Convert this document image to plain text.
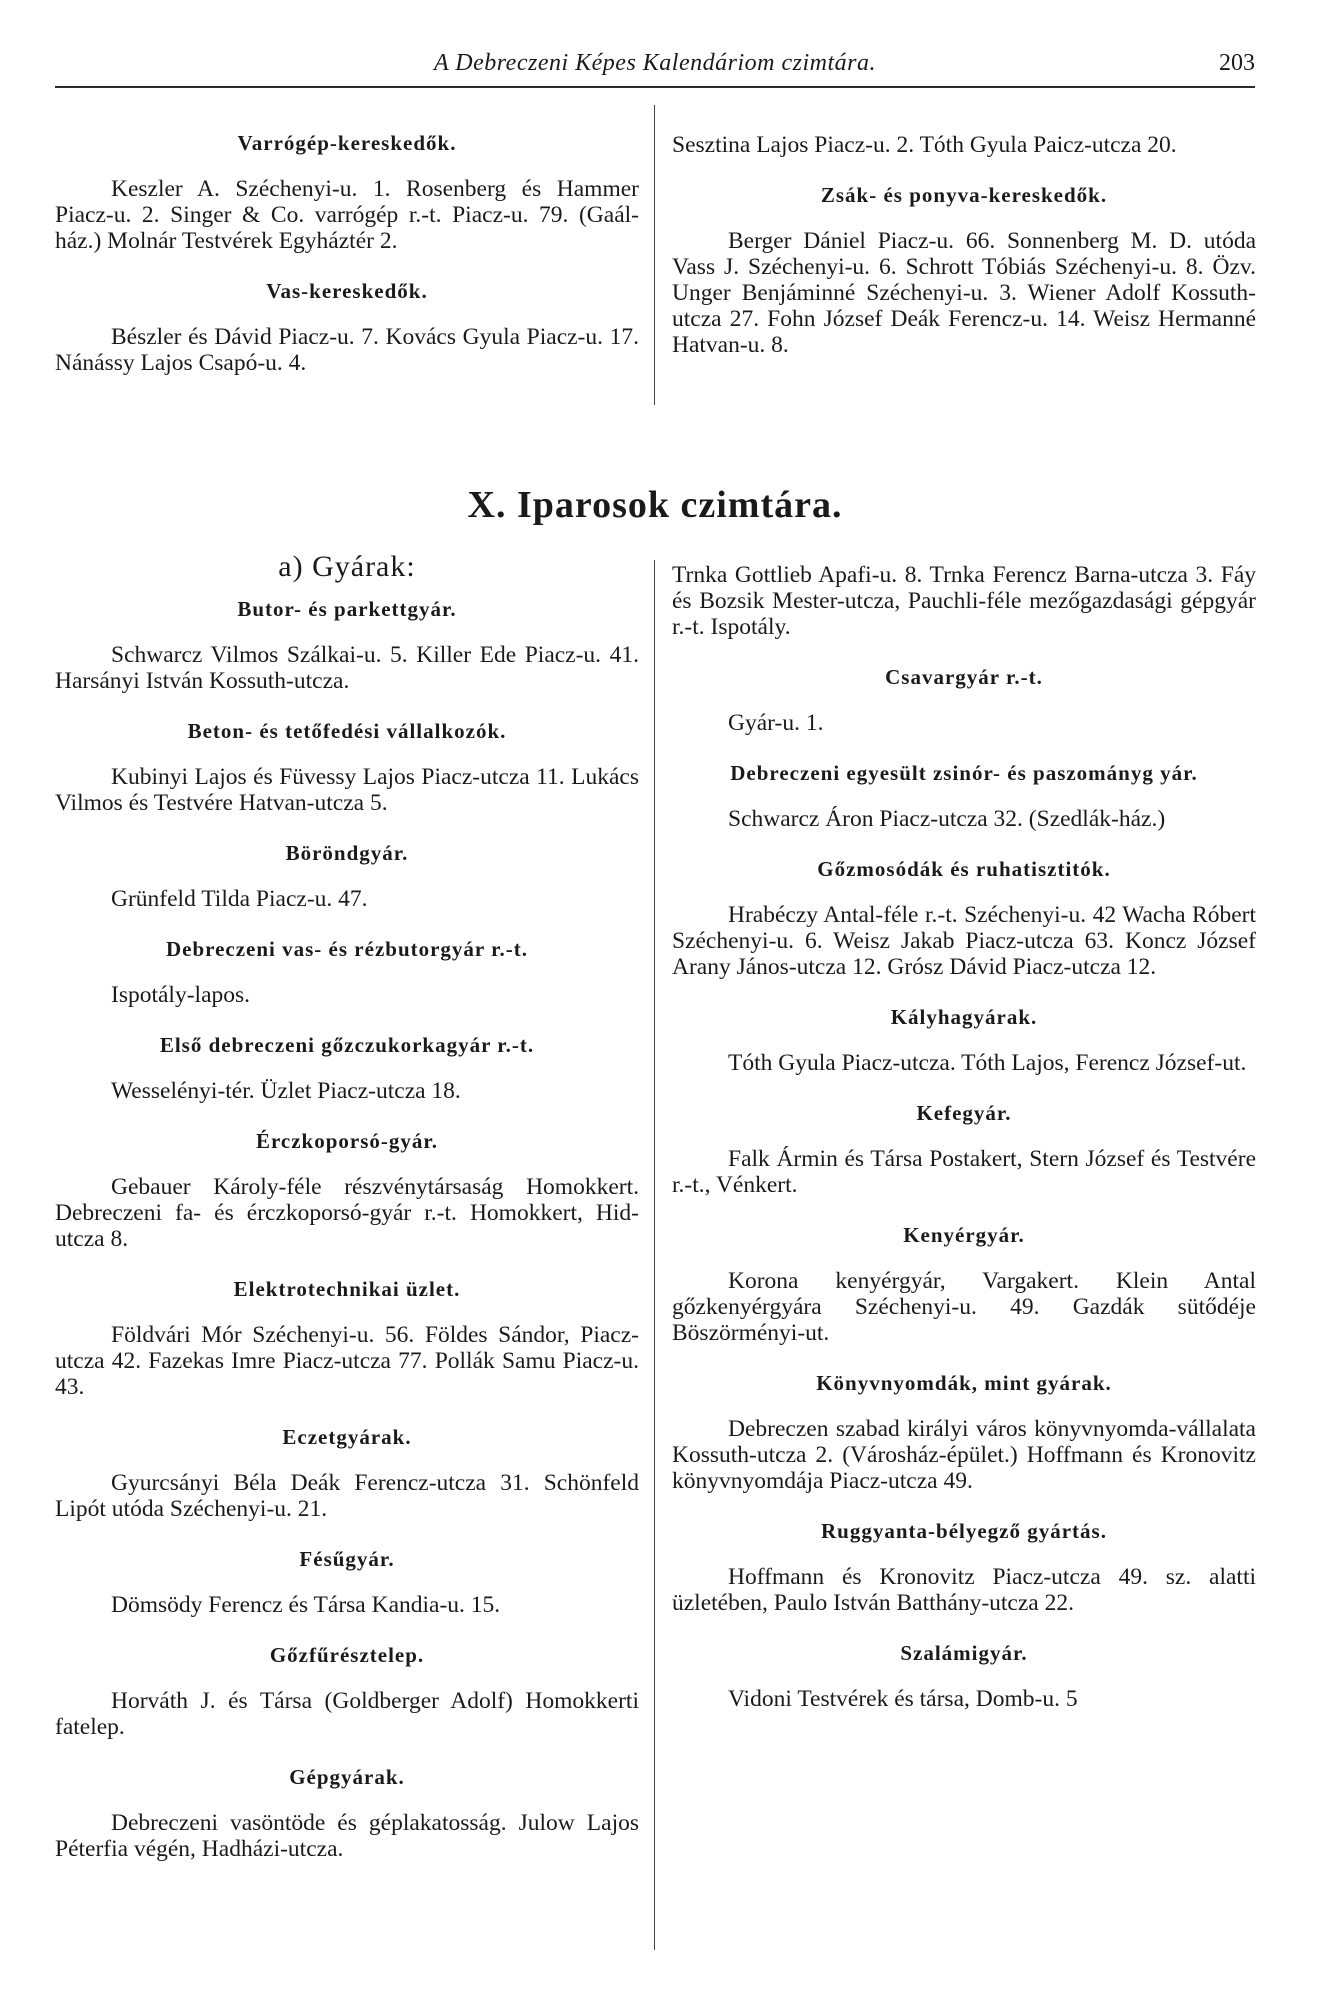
A Debreczeni Képes Kalendáriom czimtára.	203
Varrógép-kereskedők.

Keszler A. Széchenyi-u. 1. Rosenberg és Hammer Piacz-u. 2. Singer & Co. varrógép r.-t. Piacz-u. 79. (Gaál-ház.) Molnár Testvérek Egyháztér 2.

Vas-kereskedők.

Bészler és Dávid Piacz-u. 7. Kovács Gyula Piacz-u. 17. Nánássy Lajos Csapó-u. 4.

Sesztina Lajos Piacz-u. 2. Tóth Gyula Paicz-utcza 20.

Zsák- és ponyva-kereskedők.

Berger Dániel Piacz-u. 66. Sonnenberg M. D. utóda Vass J. Széchenyi-u. 6. Schrott Tóbiás Széchenyi-u. 8. Özv. Unger Benjáminné Széchenyi-u. 3. Wiener Adolf Kossuth-utcza 27. Fohn József Deák Ferencz-u. 14. Weisz Hermanné Hatvan-u. 8.

X. Iparosok czimtára.
a) Gyárak:
Butor- és parkettgyár.

Schwarcz Vilmos Szálkai-u. 5. Killer Ede Piacz-u. 41. Harsányi István Kossuth-utcza.

Beton- és tetőfedési vállalkozók.

Kubinyi Lajos és Füvessy Lajos Piacz-utcza 11. Lukács Vilmos és Testvére Hatvan-utcza 5.

Böröndgyár.

Grünfeld Tilda Piacz-u. 47.

Debreczeni vas- és rézbutorgyár r.-t.

Ispotály-lapos.

Első debreczeni gőzczukorkagyár r.-t.

Wesselényi-tér. Üzlet Piacz-utcza 18.

Érczkoporsó-gyár.

Gebauer Károly-féle részvénytársaság Homokkert. Debreczeni fa- és érczkoporsó-gyár r.-t. Homokkert, Hid-utcza 8.

Elektrotechnikai üzlet.

Földvári Mór Széchenyi-u. 56. Földes Sándor, Piacz-utcza 42. Fazekas Imre Piacz-utcza 77. Pollák Samu Piacz-u. 43.

Eczetgyárak.

Gyurcsányi Béla Deák Ferencz-utcza 31. Schönfeld Lipót utóda Széchenyi-u. 21.

Fésűgyár.

Dömsödy Ferencz és Társa Kandia-u. 15.

Gőzfűrésztelep.

Horváth J. és Társa (Goldberger Adolf) Homokkerti fatelep.

Gépgyárak.

Debreczeni vasöntöde és géplakatosság. Julow Lajos Péterfia végén, Hadházi-utcza.

Trnka Gottlieb Apafi-u. 8. Trnka Ferencz Barna-utcza 3. Fáy és Bozsik Mester-utcza, Pauchli-féle mezőgazdasági gépgyár r.-t. Ispotály.

Csavargyár r.-t.

Gyár-u. 1.

Debreczeni egyesült zsinór- és paszományg yár.

Schwarcz Áron Piacz-utcza 32. (Szedlák-ház.)

Gőzmosódák és ruhatisztitók.

Hrabéczy Antal-féle r.-t. Széchenyi-u. 42 Wacha Róbert Széchenyi-u. 6. Weisz Jakab Piacz-utcza 63. Koncz József Arany János-utcza 12. Grósz Dávid Piacz-utcza 12.

Kályhagyárak.

Tóth Gyula Piacz-utcza. Tóth Lajos, Ferencz József-ut.

Kefegyár.

Falk Ármin és Társa Postakert, Stern József és Testvére r.-t., Vénkert.

Kenyérgyár.

Korona kenyérgyár, Vargakert. Klein Antal gőzkenyérgyára Széchenyi-u. 49. Gazdák sütődéje Böszörményi-ut.

Könyvnyomdák, mint gyárak.

Debreczen szabad királyi város könyvnyomda-vállalata Kossuth-utcza 2. (Városház-épület.) Hoffmann és Kronovitz könyvnyomdája Piacz-utcza 49.

Ruggyanta-bélyegző gyártás.

Hoffmann és Kronovitz Piacz-utcza 49. sz. alatti üzletében, Paulo István Batthány-utcza 22.

Szalámigyár.

Vidoni Testvérek és társa, Domb-u. 5
